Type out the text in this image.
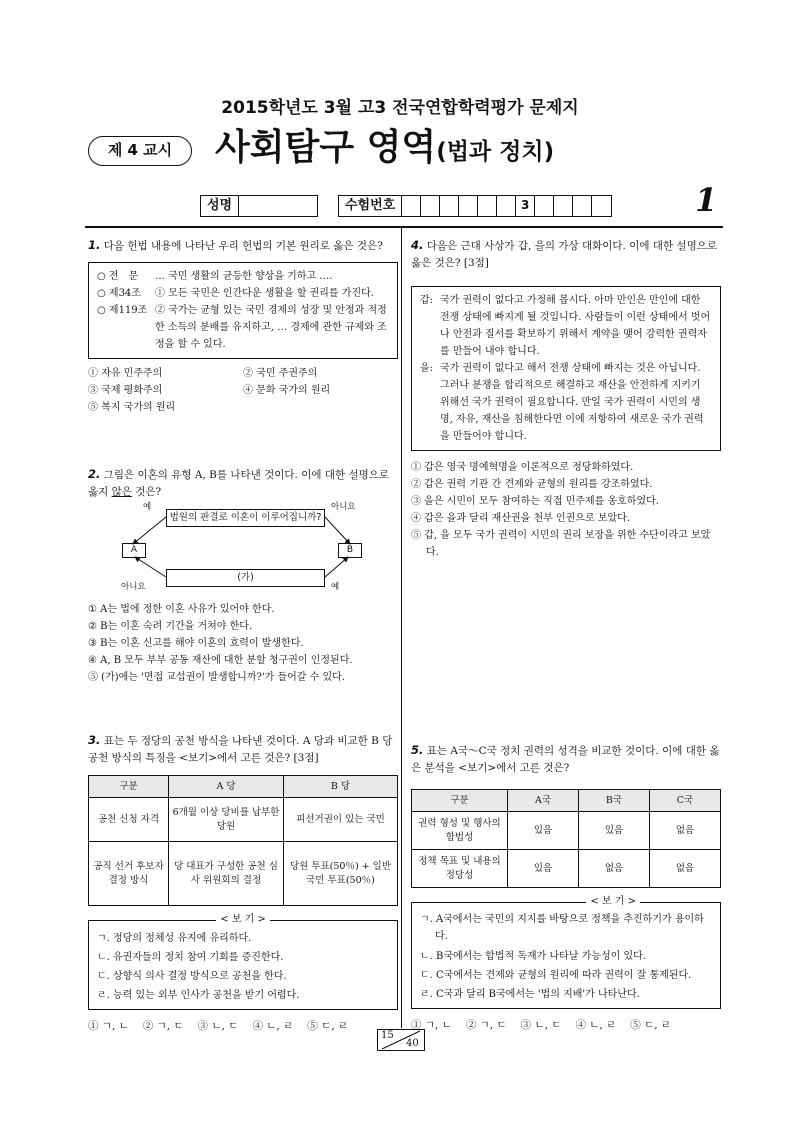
2015학년도 3월 고3 전국연합학력평가 문제지
제 4 교시	사회탐구 영역(법과 정치)
성명	수험번호	3	1
1. 다음 헌법 내용에 나타난 우리 헌법의 기본 원리로 옳은 것은?
○ 전　문	… 국민 생활의 균등한 향상을 기하고 ….
○ 제34조	① 모든 국민은 인간다운 생활을 할 권리를 가진다.
○ 제119조 ② 국가는 균형 있는 국민 경제의 성장 및 안정과 적정한 소득의 분배를 유지하고, … 경제에 관한 규제와 조정을 할 수 있다.
① 자유 민주주의	② 국민 주권주의
③ 국제 평화주의	④ 문화 국가의 원리
⑤ 복지 국가의 원리
2. 그림은 이혼의 유형 A, B를 나타낸 것이다. 이에 대한 설명으로 옳지 않은 것은?
예
법원의 판결로 이혼이 이루어집니까?
아니요
A	B
(가)
아니요	예
① A는 법에 정한 이혼 사유가 있어야 한다.
② B는 이혼 숙려 기간을 거쳐야 한다.
③ B는 이혼 신고를 해야 이혼의 효력이 발생한다.
④ A, B 모두 부부 공동 재산에 대한 분할 청구권이 인정된다.
⑤ (가)에는 '면접 교섭권이 발생합니까?'가 들어갈 수 있다.
3. 표는 두 정당의 공천 방식을 나타낸 것이다. A 당과 비교한 B 당 공천 방식의 특징을 <보기>에서 고른 것은? [3점]
구분	A 당	B 당
공천 신청 자격	6개월 이상 당비를 납부한 당원	피선거권이 있는 국민
공직 선거 후보자 결정 방식	당 대표가 구성한 공천 심사 위원회의 결정	당원 투표(50％) + 일반 국민 투표(50％)
< 보 기 >
ㄱ. 정당의 정체성 유지에 유리하다.
ㄴ. 유권자들의 정치 참여 기회를 증진한다.
ㄷ. 상향식 의사 결정 방식으로 공천을 한다.
ㄹ. 능력 있는 외부 인사가 공천을 받기 어렵다.
① ㄱ, ㄴ ② ㄱ, ㄷ ③ ㄴ, ㄷ ④ ㄴ, ㄹ ⑤ ㄷ, ㄹ
4. 다음은 근대 사상가 갑, 을의 가상 대화이다. 이에 대한 설명으로 옳은 것은? [3점]
갑: 국가 권력이 없다고 가정해 봅시다. 아마 만인은 만인에 대한 전쟁 상태에 빠지게 될 것입니다. 사람들이 이런 상태에서 벗어나 안전과 질서를 확보하기 위해서 계약을 맺어 강력한 권력자를 만들어 내야 합니다.
을: 국가 권력이 없다고 해서 전쟁 상태에 빠지는 것은 아닙니다. 그러나 분쟁을 합리적으로 해결하고 재산을 안전하게 지키기 위해선 국가 권력이 필요합니다. 만일 국가 권력이 시민의 생명, 자유, 재산을 침해한다면 이에 저항하여 새로운 국가 권력을 만들어야 합니다.
① 갑은 영국 명예혁명을 이론적으로 정당화하였다.
② 갑은 권력 기관 간 견제와 균형의 원리를 강조하였다.
③ 을은 시민이 모두 참여하는 직접 민주제를 옹호하였다.
④ 갑은 을과 달리 재산권을 천부 인권으로 보았다.
⑤ 갑, 을 모두 국가 권력이 시민의 권리 보장을 위한 수단이라고 보았다.
5. 표는 A국～C국 정치 권력의 성격을 비교한 것이다. 이에 대한 옳은 분석을 <보기>에서 고른 것은?
구분	A국	B국	C국
권력 형성 및 행사의 합법성	있음	있음	없음
정책 목표 및 내용의 정당성	있음	없음	없음
< 보 기 >
ㄱ. A국에서는 국민의 지지를 바탕으로 정책을 추진하기가 용이하다.
ㄴ. B국에서는 합법적 독재가 나타날 가능성이 있다.
ㄷ. C국에서는 견제와 균형의 원리에 따라 권력이 잘 통제된다.
ㄹ. C국과 달리 B국에서는 '법의 지배'가 나타난다.
① ㄱ, ㄴ ② ㄱ, ㄷ ③ ㄴ, ㄷ ④ ㄴ, ㄹ ⑤ ㄷ, ㄹ
15
40
